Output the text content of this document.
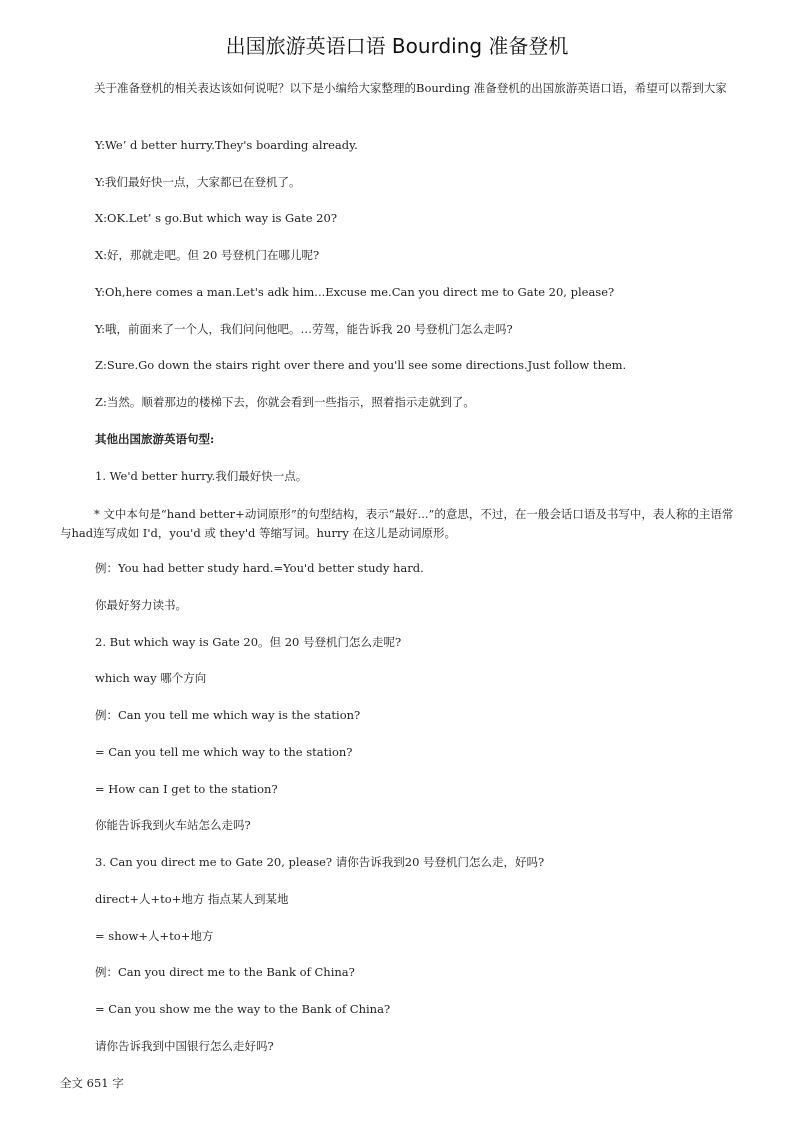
出国旅游英语口语 Bourding 准备登机
关于准备登机的相关表达该如何说呢？以下是小编给大家整理的Bourding 准备登机的出国旅游英语口语，希望可以帮到大家
Y:We’ d better hurry.They's boarding already.
Y:我们最好快一点，大家都已在登机了。
X:OK.Let’ s go.But which way is Gate 20?
X:好，那就走吧。但 20 号登机门在哪儿呢?
Y:Oh,here comes a man.Let's adk him...Excuse me.Can you direct me to Gate 20, please?
Y:哦，前面来了一个人，我们问问他吧。…劳驾，能告诉我 20 号登机门怎么走吗?
Z:Sure.Go down the stairs right over there and you'll see some directions.Just follow them.
Z:当然。顺着那边的楼梯下去，你就会看到一些指示，照着指示走就到了。
其他出国旅游英语句型:
1. We'd better hurry.我们最好快一点。
* 文中本句是“hand better+动词原形”的句型结构，表示“最好...”的意思，不过，在一般会话口语及书写中，表人称的主语常与had连写成如 I'd，you'd 或 they'd 等缩写词。hurry 在这儿是动词原形。
例：You had better study hard.=You'd better study hard.
你最好努力读书。
2. But which way is Gate 20。但 20 号登机门怎么走呢?
which way 哪个方向
例：Can you tell me which way is the station?
= Can you tell me which way to the station?
= How can I get to the station?
你能告诉我到火车站怎么走吗?
3. Can you direct me to Gate 20, please? 请你告诉我到20 号登机门怎么走，好吗?
direct+人+to+地方 指点某人到某地
= show+人+to+地方
例：Can you direct me to the Bank of China?
= Can you show me the way to the Bank of China?
请你告诉我到中国银行怎么走好吗?
全文 651 字
